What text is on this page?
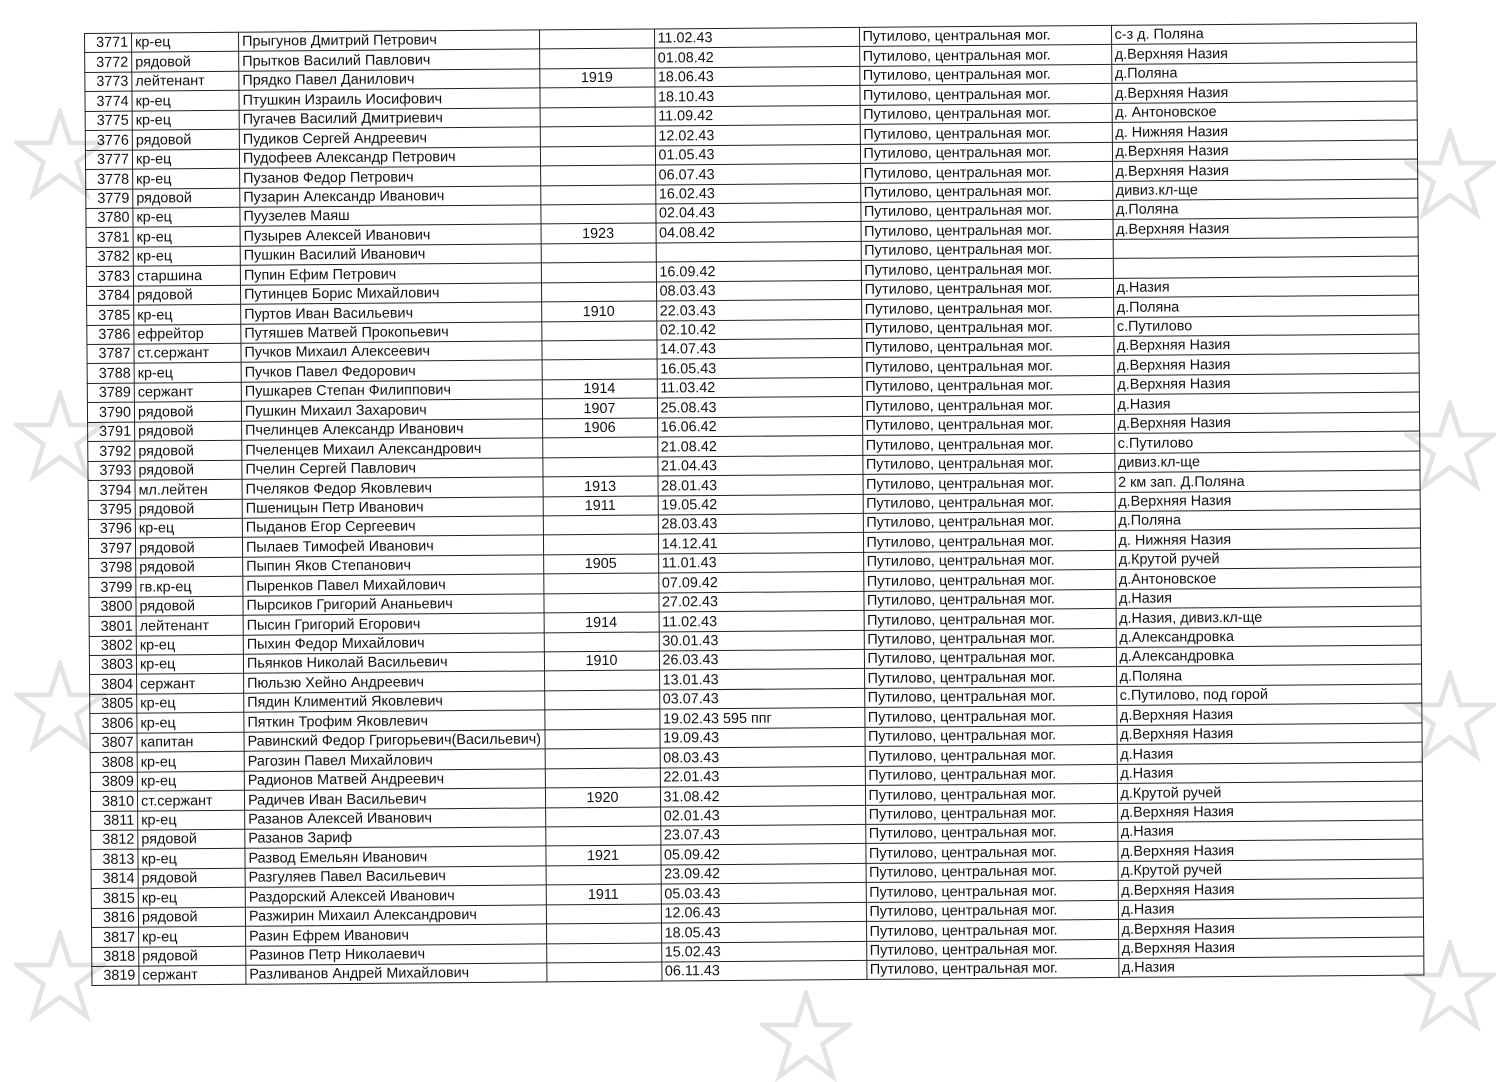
3771	кр-ец	Прыгунов Дмитрий Петрович		11.02.43	Путилово, центральная мог.	с-з д. Поляна
3772	рядовой	Прытков Василий Павлович		01.08.42	Путилово, центральная мог.	д.Верхняя Назия
3773	лейтенант	Прядко Павел Данилович	1919	18.06.43	Путилово, центральная мог.	д.Поляна
3774	кр-ец	Птушкин Израиль Иосифович		18.10.43	Путилово, центральная мог.	д.Верхняя Назия
3775	кр-ец	Пугачев Василий Дмитриевич		11.09.42	Путилово, центральная мог.	д. Антоновское
3776	рядовой	Пудиков Сергей Андреевич		12.02.43	Путилово, центральная мог.	д. Нижняя Назия
3777	кр-ец	Пудофеев Александр Петрович		01.05.43	Путилово, центральная мог.	д.Верхняя Назия
3778	кр-ец	Пузанов Федор Петрович		06.07.43	Путилово, центральная мог.	д.Верхняя Назия
3779	рядовой	Пузарин Александр Иванович		16.02.43	Путилово, центральная мог.	дивиз.кл-ще
3780	кр-ец	Пуузелев Маяш		02.04.43	Путилово, центральная мог.	д.Поляна
3781	кр-ец	Пузырев Алексей Иванович	1923	04.08.42	Путилово, центральная мог.	д.Верхняя Назия
3782	кр-ец	Пушкин Василий Иванович			Путилово, центральная мог.	
3783	старшина	Пупин Ефим Петрович		16.09.42	Путилово, центральная мог.	
3784	рядовой	Путинцев Борис Михайлович		08.03.43	Путилово, центральная мог.	д.Назия
3785	кр-ец	Пуртов Иван Васильевич	1910	22.03.43	Путилово, центральная мог.	д.Поляна
3786	ефрейтор	Путяшев Матвей Прокопьевич		02.10.42	Путилово, центральная мог.	с.Путилово
3787	ст.сержант	Пучков Михаил Алексеевич		14.07.43	Путилово, центральная мог.	д.Верхняя Назия
3788	кр-ец	Пучков Павел Федорович		16.05.43	Путилово, центральная мог.	д.Верхняя Назия
3789	сержант	Пушкарев Степан Филиппович	1914	11.03.42	Путилово, центральная мог.	д.Верхняя Назия
3790	рядовой	Пушкин Михаил Захарович	1907	25.08.43	Путилово, центральная мог.	д.Назия
3791	рядовой	Пчелинцев Александр Иванович	1906	16.06.42	Путилово, центральная мог.	д.Верхняя Назия
3792	рядовой	Пчеленцев Михаил Александрович		21.08.42	Путилово, центральная мог.	с.Путилово
3793	рядовой	Пчелин Сергей Павлович		21.04.43	Путилово, центральная мог.	дивиз.кл-ще
3794	мл.лейтен	Пчеляков Федор Яковлевич	1913	28.01.43	Путилово, центральная мог.	2 км зап. Д.Поляна
3795	рядовой	Пшеницын Петр Иванович	1911	19.05.42	Путилово, центральная мог.	д.Верхняя Назия
3796	кр-ец	Пыданов Егор Сергеевич		28.03.43	Путилово, центральная мог.	д.Поляна
3797	рядовой	Пылаев Тимофей Иванович		14.12.41	Путилово, центральная мог.	д. Нижняя Назия
3798	рядовой	Пыпин Яков Степанович	1905	11.01.43	Путилово, центральная мог.	д.Крутой ручей
3799	гв.кр-ец	Пыренков Павел Михайлович		07.09.42	Путилово, центральная мог.	д.Антоновское
3800	рядовой	Пырсиков Григорий Ананьевич		27.02.43	Путилово, центральная мог.	д.Назия
3801	лейтенант	Пысин Григорий Егорович	1914	11.02.43	Путилово, центральная мог.	д.Назия, дивиз.кл-ще
3802	кр-ец	Пыхин Федор Михайлович		30.01.43	Путилово, центральная мог.	д.Александровка
3803	кр-ец	Пьянков Николай Васильевич	1910	26.03.43	Путилово, центральная мог.	д.Александровка
3804	сержант	Пюльзю Хейно Андреевич		13.01.43	Путилово, центральная мог.	д.Поляна
3805	кр-ец	Пядин Климентий Яковлевич		03.07.43	Путилово, центральная мог.	с.Путилово, под горой
3806	кр-ец	Пяткин Трофим Яковлевич		19.02.43 595 ппг	Путилово, центральная мог.	д.Верхняя Назия
3807	капитан	Равинский Федор Григорьевич(Васильевич)		19.09.43	Путилово, центральная мог.	д.Верхняя Назия
3808	кр-ец	Рагозин Павел Михайлович		08.03.43	Путилово, центральная мог.	д.Назия
3809	кр-ец	Радионов Матвей Андреевич		22.01.43	Путилово, центральная мог.	д.Назия
3810	ст.сержант	Радичев Иван Васильевич	1920	31.08.42	Путилово, центральная мог.	д.Крутой ручей
3811	кр-ец	Разанов Алексей Иванович		02.01.43	Путилово, центральная мог.	д.Верхняя Назия
3812	рядовой	Разанов Зариф		23.07.43	Путилово, центральная мог.	д.Назия
3813	кр-ец	Развод Емельян Иванович	1921	05.09.42	Путилово, центральная мог.	д.Верхняя Назия
3814	рядовой	Разгуляев Павел Васильевич		23.09.42	Путилово, центральная мог.	д.Крутой ручей
3815	кр-ец	Раздорский Алексей Иванович	1911	05.03.43	Путилово, центральная мог.	д.Верхняя Назия
3816	рядовой	Разжирин Михаил Александрович		12.06.43	Путилово, центральная мог.	д.Назия
3817	кр-ец	Разин Ефрем Иванович		18.05.43	Путилово, центральная мог.	д.Верхняя Назия
3818	рядовой	Разинов Петр Николаевич		15.02.43	Путилово, центральная мог.	д.Верхняя Назия
3819	сержант	Разливанов Андрей Михайлович		06.11.43	Путилово, центральная мог.	д.Назия
